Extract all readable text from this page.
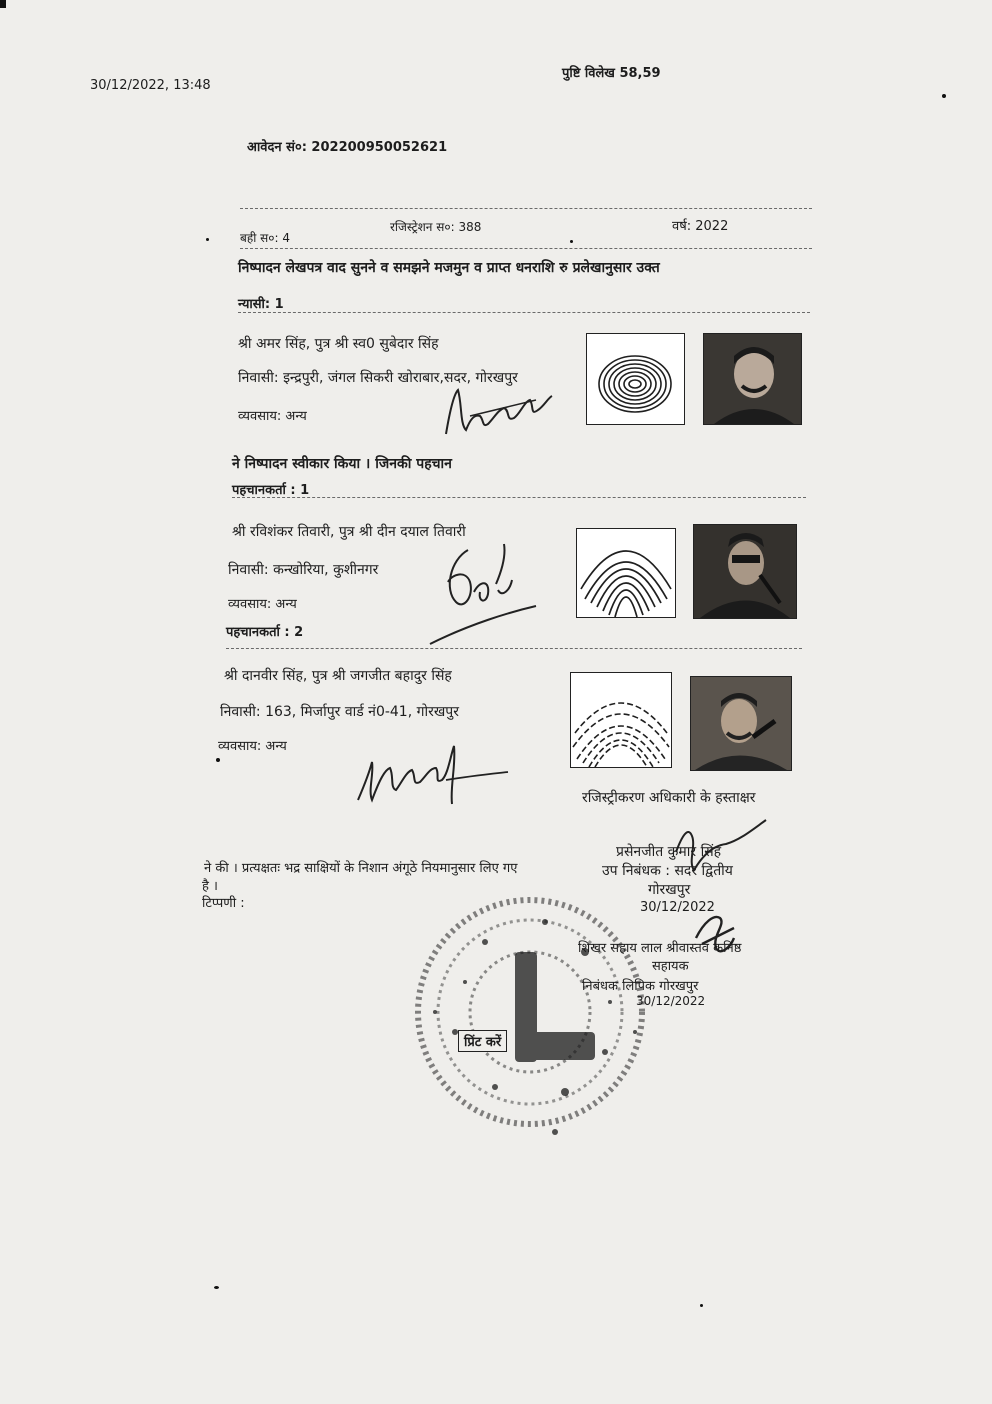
30/12/2022, 13:48
पुष्टि विलेख 58,59
आवेदन सं०: 202200950052621
बही स०: 4
रजिस्ट्रेशन स०: 388	वर्ष: 2022
निष्पादन लेखपत्र वाद सुनने व समझने मजमुन व प्राप्त धनराशि रु प्रलेखानुसार उक्त
न्यासी: 1
श्री अमर सिंह, पुत्र श्री स्व0 सुबेदार सिंह
निवासी: इन्द्रपुरी, जंगल सिकरी खोराबार,सदर, गोरखपुर
व्यवसाय: अन्य
ने निष्पादन स्वीकार किया । जिनकी पहचान
पहचानकर्ता : 1
श्री रविशंकर तिवारी, पुत्र श्री दीन दयाल तिवारी
निवासी: कन्खोरिया, कुशीनगर
व्यवसाय: अन्य
पहचानकर्ता : 2
श्री दानवीर सिंह, पुत्र श्री जगजीत बहादुर सिंह
निवासी: 163, मिर्जापुर वार्ड नं0-41, गोरखपुर
व्यवसाय: अन्य
रजिस्ट्रीकरण अधिकारी के हस्ताक्षर
ने की । प्रत्यक्षतः भद्र साक्षियों के निशान अंगूठे नियमानुसार लिए गए
है ।
टिप्पणी :
प्रसेनजीत कुमार सिंह
उप निबंधक : सदर द्वितीय
गोरखपुर
30/12/2022
प्रिंट करें
शिखर सहाय लाल श्रीवास्तव कनिष्ठ
सहायक
निबंधक लिपिक गोरखपुर
30/12/2022
